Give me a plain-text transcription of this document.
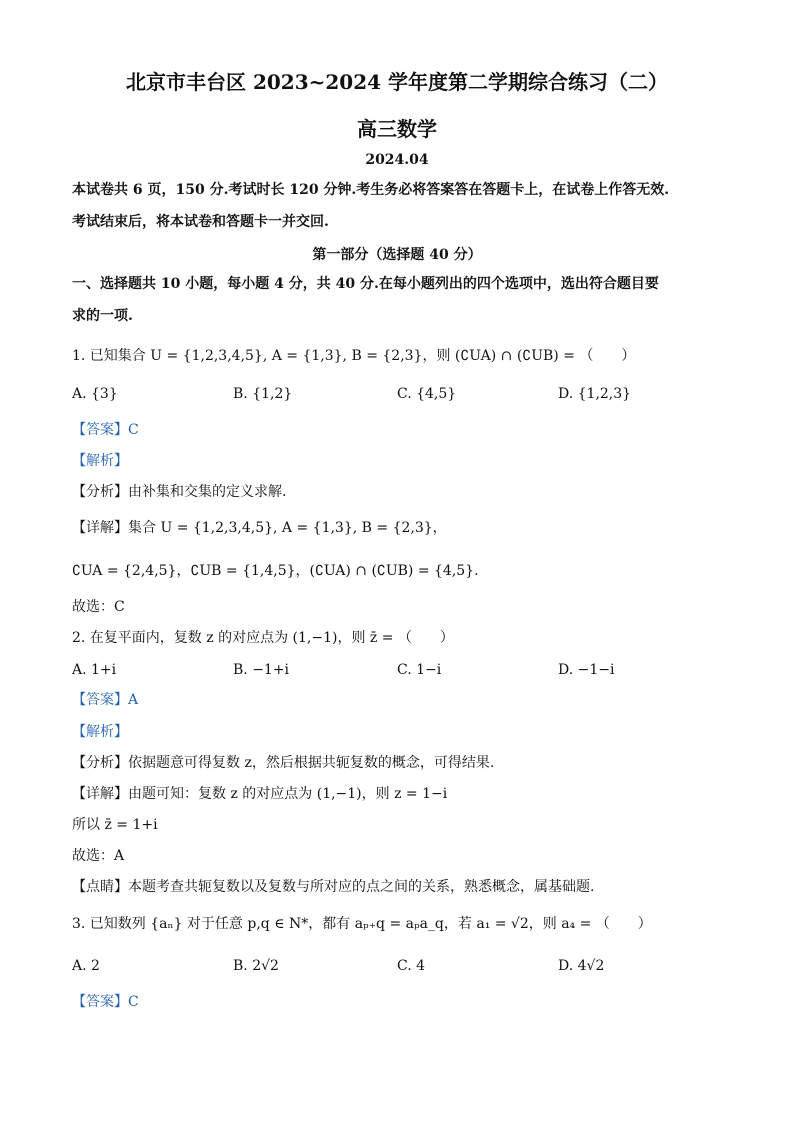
北京市丰台区 2023~2024 学年度第二学期综合练习（二）
高三数学
2024.04
本试卷共 6 页，150 分.考试时长 120 分钟.考生务必将答案答在答题卡上，在试卷上作答无效.
考试结束后，将本试卷和答题卡一并交回.
第一部分（选择题 40 分）
一、选择题共 10 小题，每小题 4 分，共 40 分.在每小题列出的四个选项中，选出符合题目要
求的一项.
1. 已知集合 U = {1,2,3,4,5}, A = {1,3}, B = {2,3}，则 (∁UA) ∩ (∁UB) = （　　）
A. {3}	B. {1,2}	C. {4,5}	D. {1,2,3}
【答案】C
【解析】
【分析】由补集和交集的定义求解.
【详解】集合 U = {1,2,3,4,5}, A = {1,3}, B = {2,3}，
∁UA = {2,4,5}，∁UB = {1,4,5}，(∁UA) ∩ (∁UB) = {4,5}.
故选：C
2. 在复平面内，复数 z 的对应点为 (1,−1)，则 z̄ = （　　）
A. 1+i	B. −1+i	C. 1−i	D. −1−i
【答案】A
【解析】
【分析】依据题意可得复数 z，然后根据共轭复数的概念，可得结果.
【详解】由题可知：复数 z 的对应点为 (1,−1)，则 z = 1−i
所以 z̄ = 1+i
故选：A
【点睛】本题考查共轭复数以及复数与所对应的点之间的关系，熟悉概念，属基础题.
3. 已知数列 {aₙ} 对于任意 p,q ∈ N*，都有 aₚ₊q = aₚa_q，若 a₁ = √2，则 a₄ = （　　）
A. 2	B. 2√2	C. 4	D. 4√2
【答案】C
